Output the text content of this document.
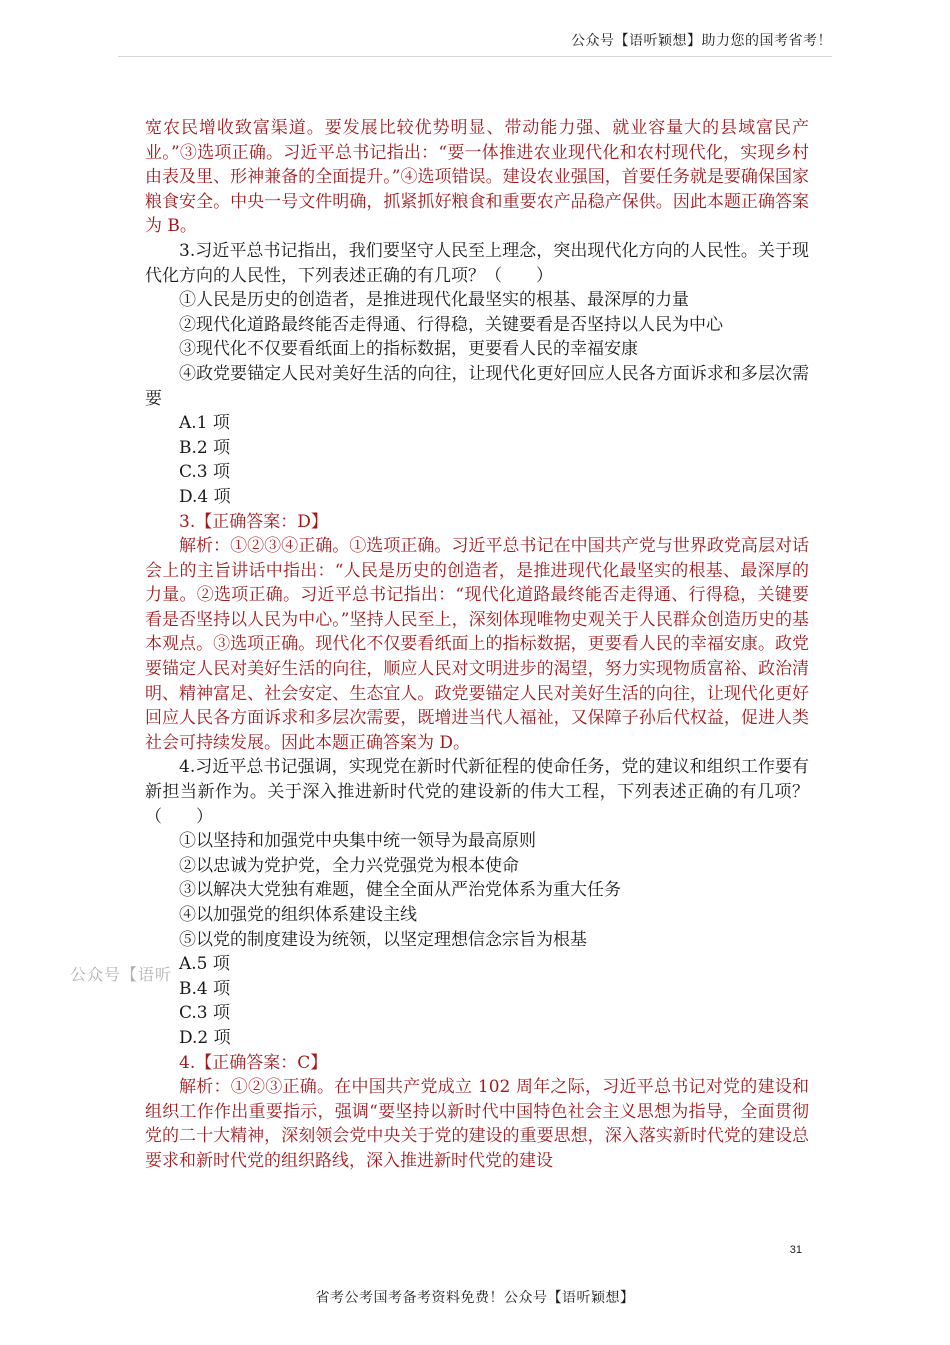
公众号【语听颖想】助力您的国考省考！
公众号【语听

宽农民增收致富渠道。要发展比较优势明显、带动能力强、就业容量大的县域富民产业。”③选项正确。习近平总书记指出：“要一体推进农业现代化和农村现代化，实现乡村由表及里、形神兼备的全面提升。”④选项错误。建设农业强国，首要任务就是要确保国家粮食安全。中央一号文件明确，抓紧抓好粮食和重要农产品稳产保供。因此本题正确答案为 B。

3.习近平总书记指出，我们要坚守人民至上理念，突出现代化方向的人民性。关于现代化方向的人民性，下列表述正确的有几项？（　　）

①人民是历史的创造者，是推进现代化最坚实的根基、最深厚的力量

②现代化道路最终能否走得通、行得稳，关键要看是否坚持以人民为中心

③现代化不仅要看纸面上的指标数据，更要看人民的幸福安康

④政党要锚定人民对美好生活的向往，让现代化更好回应人民各方面诉求和多层次需要

A.1 项

B.2 项

C.3 项

D.4 项

3.【正确答案：D】

解析：①②③④正确。①选项正确。习近平总书记在中国共产党与世界政党高层对话会上的主旨讲话中指出：“人民是历史的创造者，是推进现代化最坚实的根基、最深厚的力量。②选项正确。习近平总书记指出：“现代化道路最终能否走得通、行得稳，关键要看是否坚持以人民为中心。”坚持人民至上，深刻体现唯物史观关于人民群众创造历史的基本观点。③选项正确。现代化不仅要看纸面上的指标数据，更要看人民的幸福安康。政党要锚定人民对美好生活的向往，顺应人民对文明进步的渴望，努力实现物质富裕、政治清明、精神富足、社会安定、生态宜人。政党要锚定人民对美好生活的向往，让现代化更好回应人民各方面诉求和多层次需要，既增进当代人福祉，又保障子孙后代权益，促进人类社会可持续发展。因此本题正确答案为 D。

4.习近平总书记强调，实现党在新时代新征程的使命任务，党的建议和组织工作要有新担当新作为。关于深入推进新时代党的建设新的伟大工程，下列表述正确的有几项？（　　）

①以坚持和加强党中央集中统一领导为最高原则

②以忠诚为党护党，全力兴党强党为根本使命

③以解决大党独有难题，健全全面从严治党体系为重大任务

④以加强党的组织体系建设主线

⑤以党的制度建设为统领，以坚定理想信念宗旨为根基

A.5 项

B.4 项

C.3 项

D.2 项

4.【正确答案：C】

解析：①②③正确。在中国共产党成立 102 周年之际，习近平总书记对党的建设和组织工作作出重要指示，强调“要坚持以新时代中国特色社会主义思想为指导，全面贯彻党的二十大精神，深刻领会党中央关于党的建设的重要思想，深入落实新时代党的建设总要求和新时代党的组织路线，深入推进新时代党的建设

31
省考公考国考备考资料免费！公众号【语听颖想】
